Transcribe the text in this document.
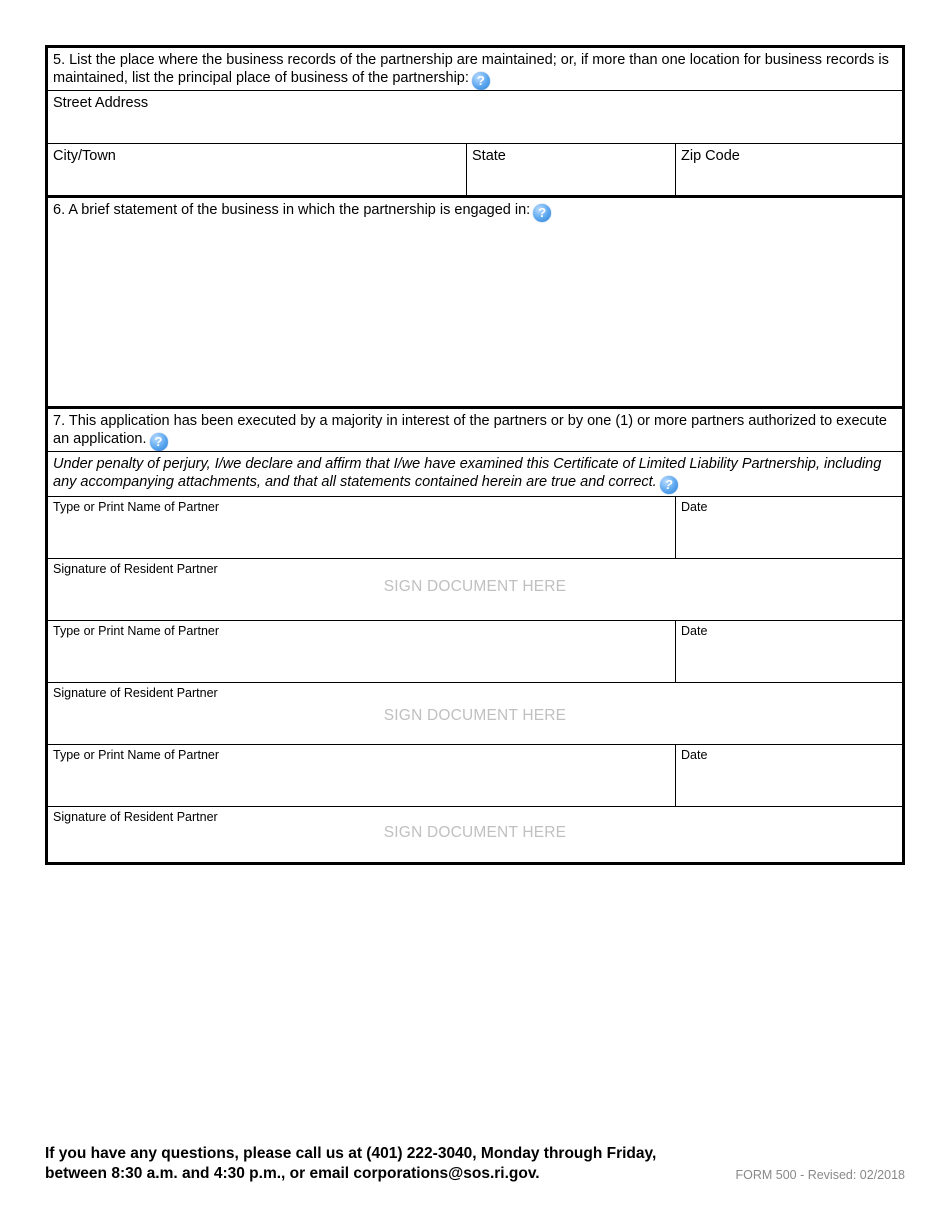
5. List the place where the business records of the partnership are maintained; or, if more than one location for business records is maintained, list the principal place of business of the partnership: ?
Street Address
City/Town	State	Zip Code
6. A brief statement of the business in which the partnership is engaged in: ?
7. This application has been executed by a majority in interest of the partners or by one (1) or more partners authorized to execute an application. ?
Under penalty of perjury, I/we declare and affirm that I/we have examined this Certificate of Limited Liability Partnership, including any accompanying attachments, and that all statements contained herein are true and correct. ?
Type or Print Name of Partner	Date
Signature of Resident Partner
SIGN DOCUMENT HERE
Type or Print Name of Partner	Date
Signature of Resident Partner
SIGN DOCUMENT HERE
Type or Print Name of Partner	Date
Signature of Resident Partner
SIGN DOCUMENT HERE
If you have any questions, please call us at (401) 222-3040, Monday through Friday,
between 8:30 a.m. and 4:30 p.m., or email corporations@sos.ri.gov.	FORM 500 - Revised: 02/2018
